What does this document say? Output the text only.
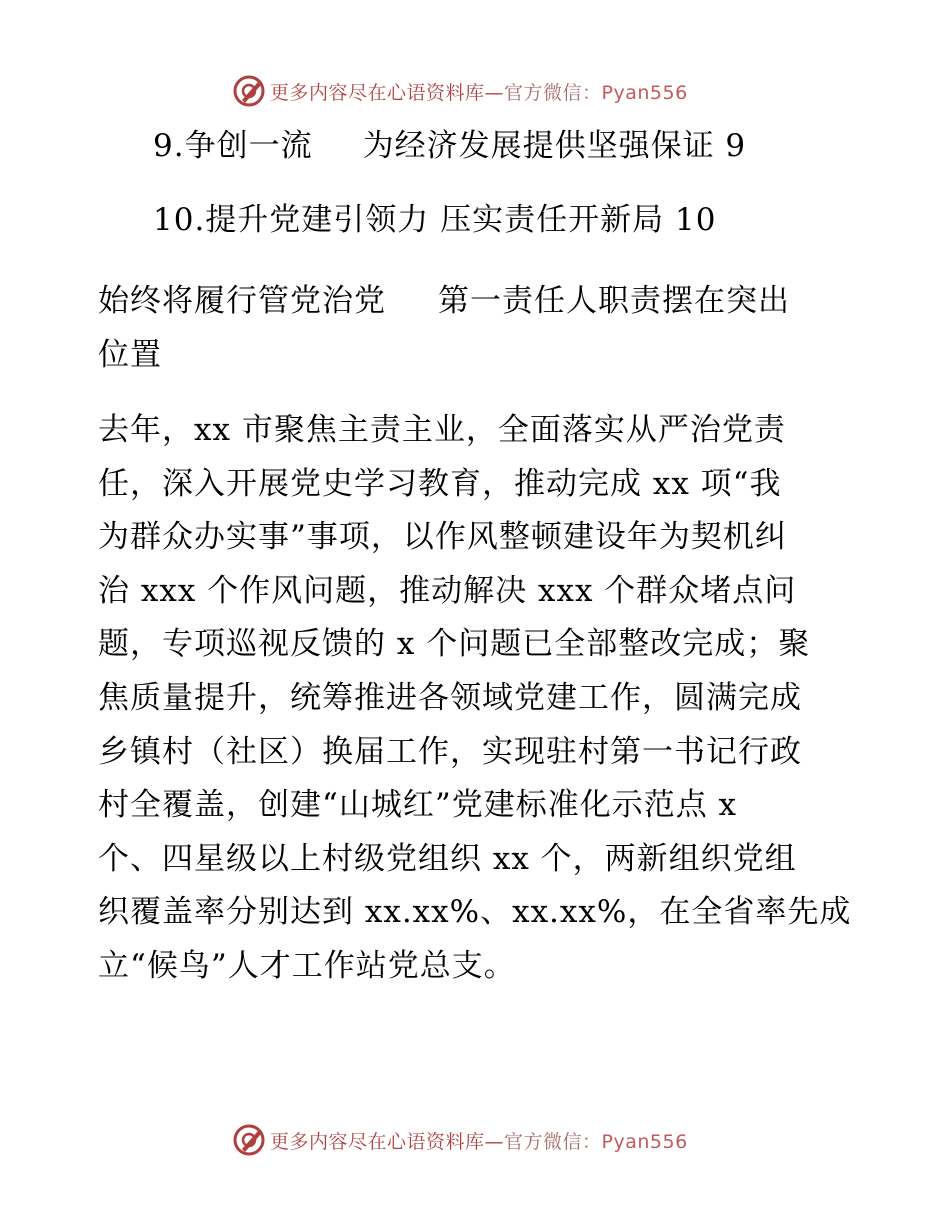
更多内容尽在心语资料库—官方微信：Pyan556
9.争创一流 为经济发展提供坚强保证 9
10.提升党建引领力 压实责任开新局 10
始终将履行管党治党 第一责任人职责摆在突出
位置
去年，xx 市聚焦主责主业，全面落实从严治党责
任，深入开展党史学习教育，推动完成 xx 项“我
为群众办实事”事项，以作风整顿建设年为契机纠
治 xxx 个作风问题，推动解决 xxx 个群众堵点问
题，专项巡视反馈的 x 个问题已全部整改完成；聚
焦质量提升，统筹推进各领域党建工作，圆满完成
乡镇村（社区）换届工作，实现驻村第一书记行政
村全覆盖，创建“山城红”党建标准化示范点 x
个、四星级以上村级党组织 xx 个，两新组织党组
织覆盖率分别达到 xx.xx%、xx.xx%，在全省率先成
立“候鸟”人才工作站党总支。
更多内容尽在心语资料库—官方微信：Pyan556
